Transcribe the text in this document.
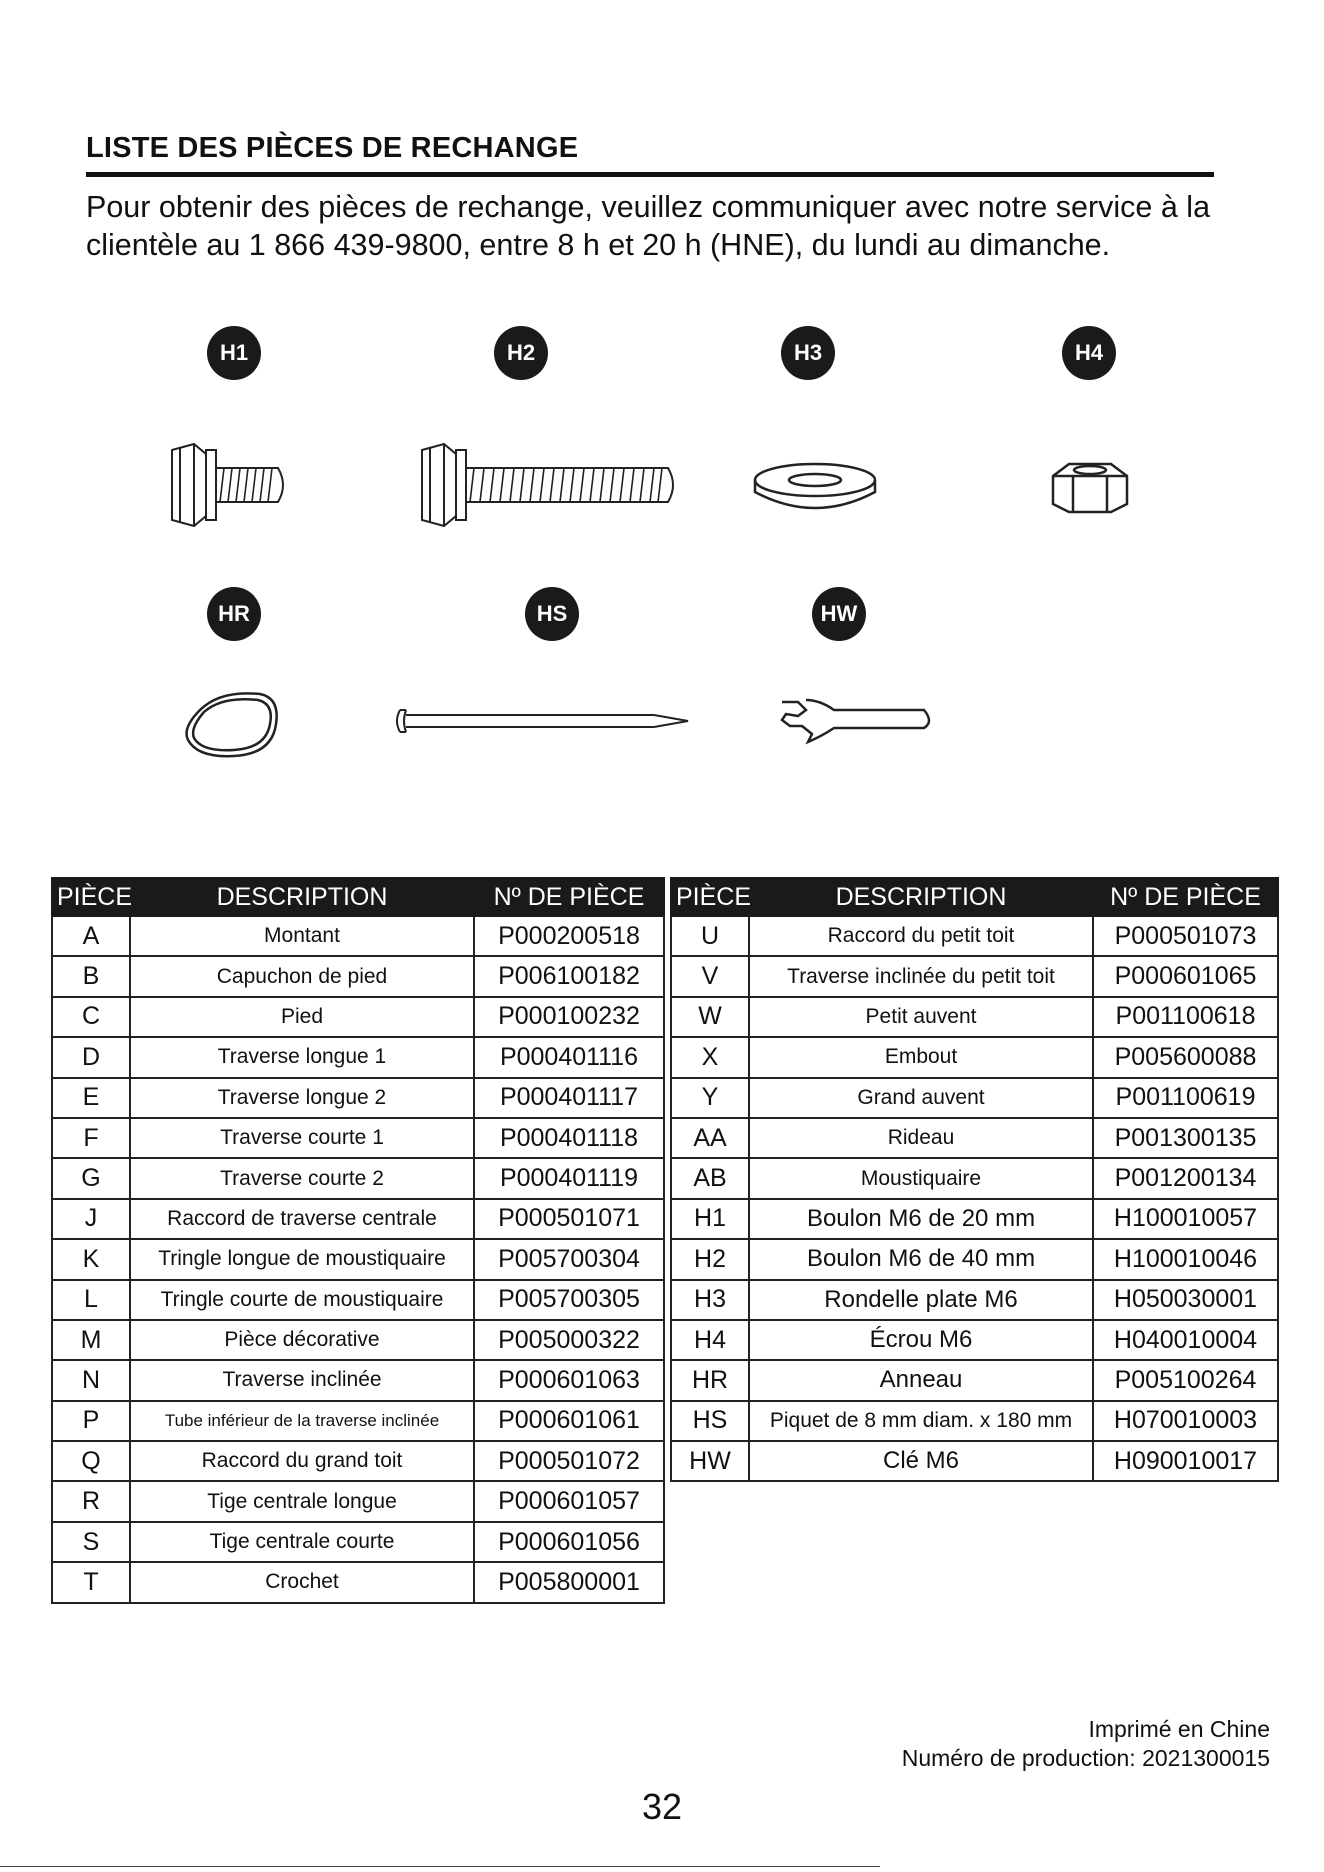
LISTE DES PIÈCES DE RECHANGE
Pour obtenir des pièces de rechange, veuillez communiquer avec notre service à la clientèle au 1 866 439-9800, entre 8 h et 20 h (HNE), du lundi au dimanche.
H1	H2	H3	H4
HR	HS	HW
PIÈCE	DESCRIPTION	Nº DE PIÈCE
A	Montant	P000200518
B	Capuchon de pied	P006100182
C	Pied	P000100232
D	Traverse longue 1	P000401116
E	Traverse longue 2	P000401117
F	Traverse courte 1	P000401118
G	Traverse courte 2	P000401119
J	Raccord de traverse centrale	P000501071
K	Tringle longue de moustiquaire	P005700304
L	Tringle courte de moustiquaire	P005700305
M	Pièce décorative	P005000322
N	Traverse inclinée	P000601063
P	Tube inférieur de la traverse inclinée	P000601061
Q	Raccord du grand toit	P000501072
R	Tige centrale longue	P000601057
S	Tige centrale courte	P000601056
T	Crochet	P005800001
PIÈCE	DESCRIPTION	Nº DE PIÈCE
U	Raccord du petit toit	P000501073
V	Traverse inclinée du petit toit	P000601065
W	Petit auvent	P001100618
X	Embout	P005600088
Y	Grand auvent	P001100619
AA	Rideau	P001300135
AB	Moustiquaire	P001200134
H1	Boulon M6 de 20 mm	H100010057
H2	Boulon M6 de 40 mm	H100010046
H3	Rondelle plate M6	H050030001
H4	Écrou M6	H040010004
HR	Anneau	P005100264
HS	Piquet de 8 mm diam. x 180 mm	H070010003
HW	Clé M6	H090010017
Imprimé en Chine
Numéro de production: 2021300015
32
